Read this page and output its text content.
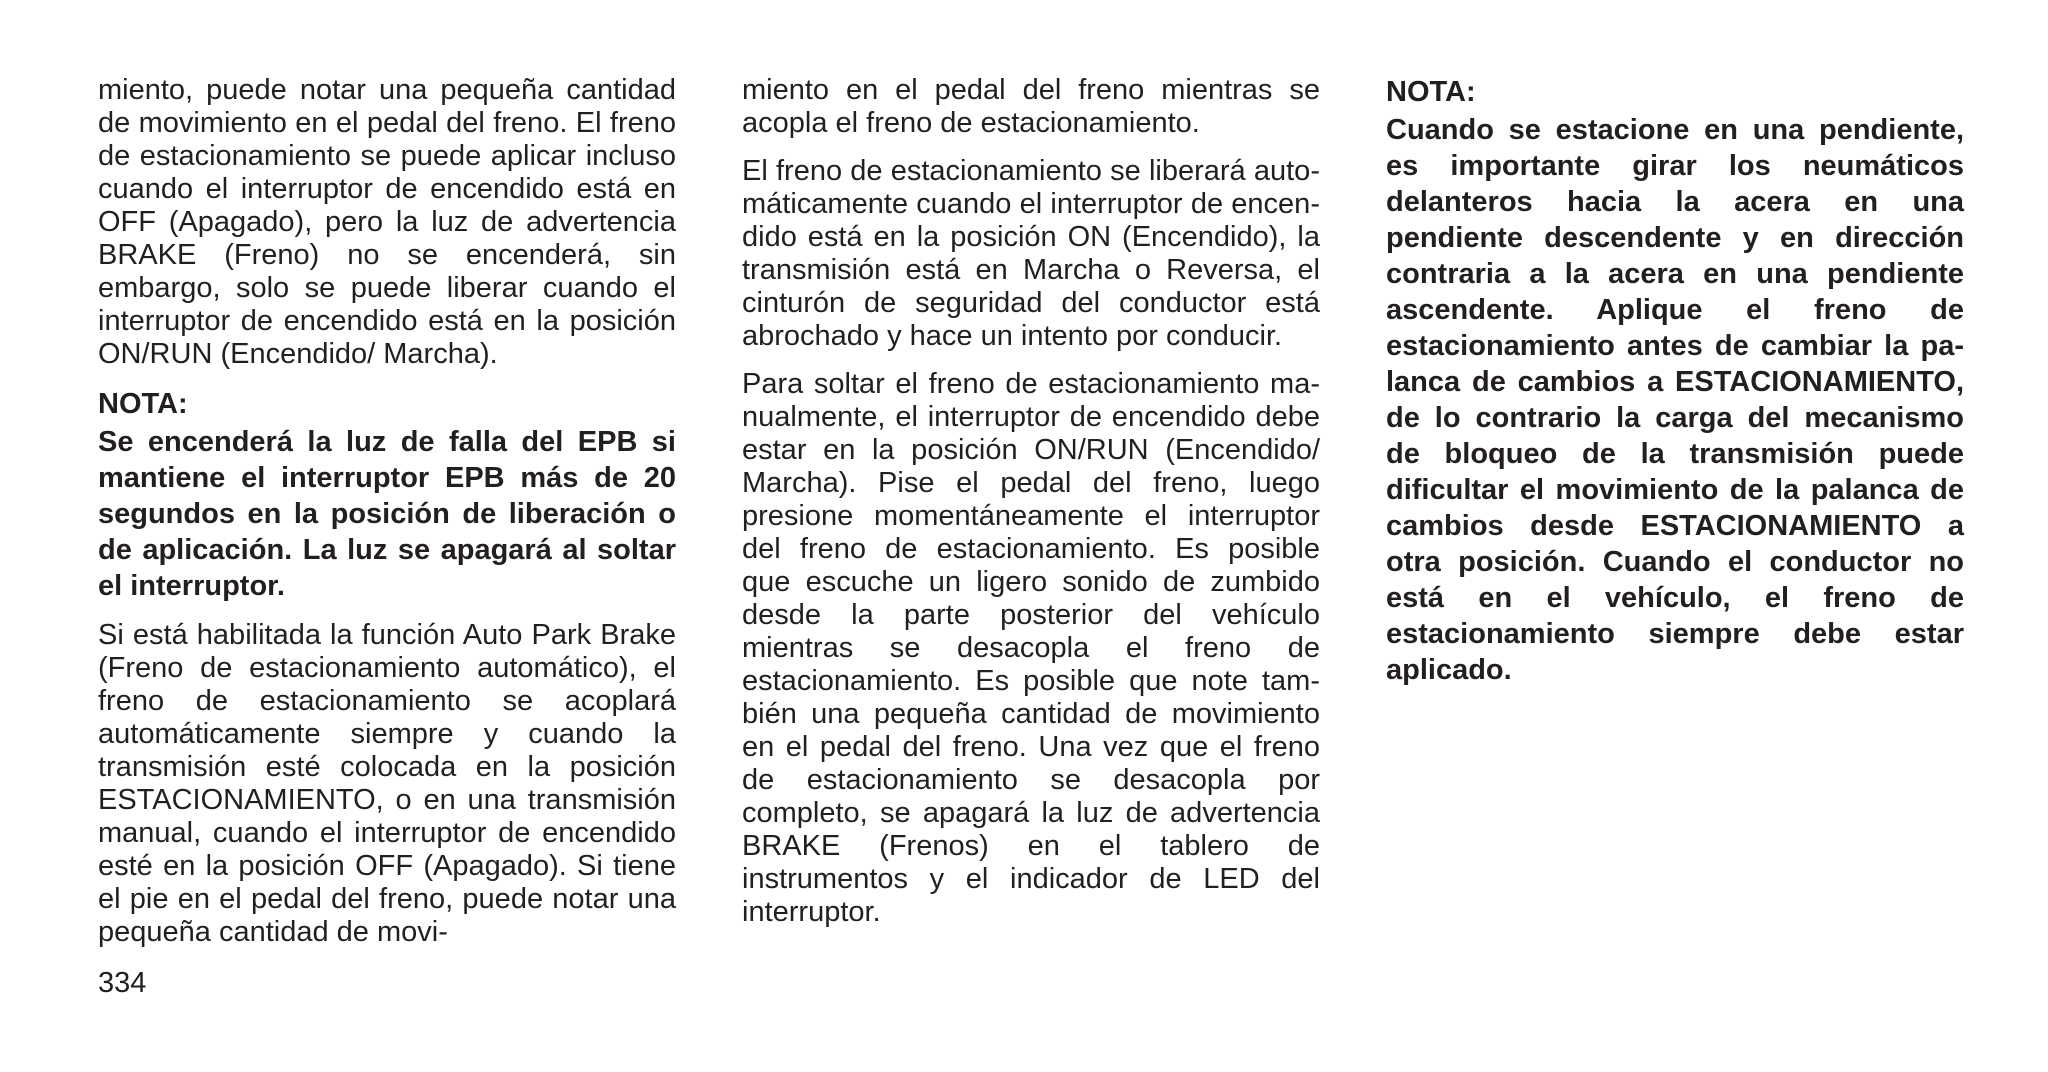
miento, puede notar una pequeña cantidad de movimiento en el pedal del freno. El freno de estacionamiento se puede aplicar incluso cuando el interruptor de encendido está en OFF (Apagado), pero la luz de advertencia BRAKE (Freno) no se encenderá, sin embargo, solo se puede liberar cuando el interruptor de encendido está en la posición ON/RUN (Encendido/ Marcha).

NOTA:
Se encenderá la luz de falla del EPB si mantiene el interruptor EPB más de 20 segundos en la posición de liberación o de aplicación. La luz se apagará al soltar el interruptor.

Si está habilitada la función Auto Park Brake (Freno de estacionamiento automático), el freno de estacionamiento se acoplará automáticamente siempre y cuando la transmisión esté colocada en la posición ESTACIONAMIENTO, o en una transmisión manual, cuando el interruptor de encendido esté en la posición OFF (Apagado). Si tiene el pie en el pedal del freno, puede notar una pequeña cantidad de movi-

miento en el pedal del freno mientras se acopla el freno de estacionamiento.

El freno de estacionamiento se liberará automáticamente cuando el interruptor de encendido está en la posición ON (Encendido), la transmisión está en Marcha o Reversa, el cinturón de seguridad del conductor está abrochado y hace un intento por conducir.

Para soltar el freno de estacionamiento manualmente, el interruptor de encendido debe estar en la posición ON/RUN (Encendido/ Marcha). Pise el pedal del freno, luego presione momentáneamente el interruptor del freno de estacionamiento. Es posible que escuche un ligero sonido de zumbido desde la parte posterior del vehículo mientras se desacopla el freno de estacionamiento. Es posible que note también una pequeña cantidad de movimiento en el pedal del freno. Una vez que el freno de estacionamiento se desacopla por completo, se apagará la luz de advertencia BRAKE (Frenos) en el tablero de instrumentos y el indicador de LED del interruptor.

NOTA:
Cuando se estacione en una pendiente, es importante girar los neumáticos delanteros hacia la acera en una pendiente descendente y en dirección contraria a la acera en una pendiente ascendente. Aplique el freno de estacionamiento antes de cambiar la palanca de cambios a ESTACIONAMIENTO, de lo contrario la carga del mecanismo de bloqueo de la transmisión puede dificultar el movimiento de la palanca de cambios desde ESTACIONAMIENTO a otra posición. Cuando el conductor no está en el vehículo, el freno de estacionamiento siempre debe estar aplicado.
334
